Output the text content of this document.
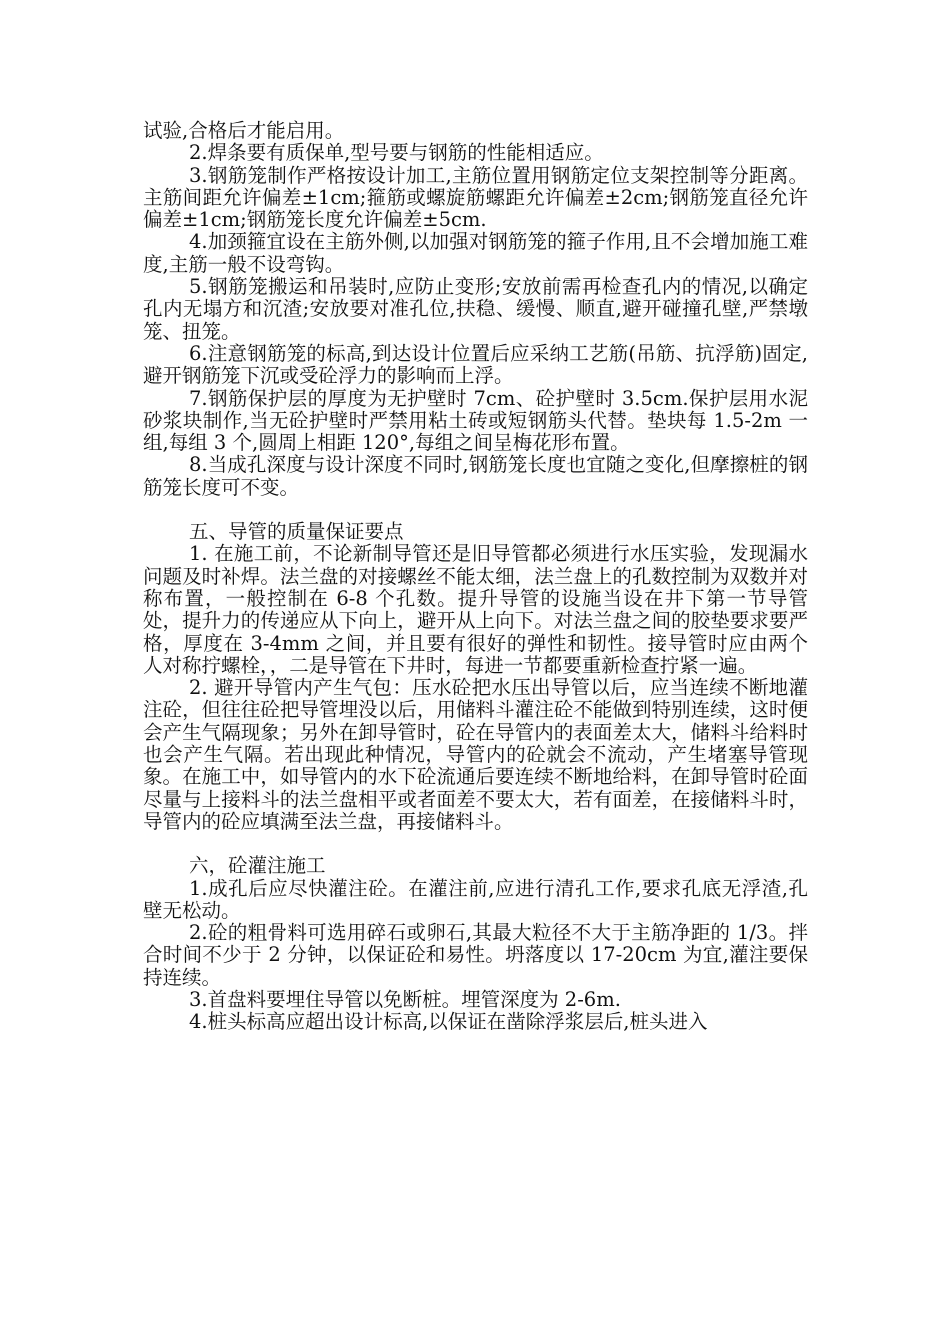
试验,合格后才能启用。

2.焊条要有质保单,型号要与钢筋的性能相适应。

3.钢筋笼制作严格按设计加工,主筋位置用钢筋定位支架控制等分距离。主筋间距允许偏差±1cm;箍筋或螺旋筋螺距允许偏差±2cm;钢筋笼直径允许偏差±1cm;钢筋笼长度允许偏差±5cm.

4.加颈箍宜设在主筋外侧,以加强对钢筋笼的箍子作用,且不会增加施工难度,主筋一般不设弯钩。

5.钢筋笼搬运和吊装时,应防止变形;安放前需再检查孔内的情况,以确定孔内无塌方和沉渣;安放要对准孔位,扶稳、缓慢、顺直,避开碰撞孔壁,严禁墩笼、扭笼。

6.注意钢筋笼的标高,到达设计位置后应采纳工艺筋(吊筋、抗浮筋)固定,避开钢筋笼下沉或受砼浮力的影响而上浮。

7.钢筋保护层的厚度为无护壁时 7cm、砼护壁时 3.5cm.保护层用水泥砂浆块制作,当无砼护壁时严禁用粘土砖或短钢筋头代替。垫块每 1.5-2m 一组,每组 3 个,圆周上相距 120°,每组之间呈梅花形布置。

8.当成孔深度与设计深度不同时,钢筋笼长度也宜随之变化,但摩擦桩的钢筋笼长度可不变。

五、导管的质量保证要点

1. 在施工前，不论新制导管还是旧导管都必须进行水压实验，发现漏水问题及时补焊。法兰盘的对接螺丝不能太细，法兰盘上的孔数控制为双数并对称布置，一般控制在 6-8 个孔数。提升导管的设施当设在井下第一节导管处，提升力的传递应从下向上，避开从上向下。对法兰盘之间的胶垫要求要严格，厚度在 3-4mm 之间，并且要有很好的弹性和韧性。接导管时应由两个人对称拧螺栓，，二是导管在下井时，每进一节都要重新检查拧紧一遍。

2. 避开导管内产生气包：压水砼把水压出导管以后，应当连续不断地灌注砼，但往往砼把导管埋没以后，用储料斗灌注砼不能做到特别连续，这时便会产生气隔现象；另外在卸导管时，砼在导管内的表面差太大，储料斗给料时也会产生气隔。若出现此种情况，导管内的砼就会不流动，产生堵塞导管现象。在施工中，如导管内的水下砼流通后要连续不断地给料，在卸导管时砼面尽量与上接料斗的法兰盘相平或者面差不要太大，若有面差，在接储料斗时，导管内的砼应填满至法兰盘，再接储料斗。

六，砼灌注施工

1.成孔后应尽快灌注砼。在灌注前,应进行清孔工作,要求孔底无浮渣,孔壁无松动。

2.砼的粗骨料可选用碎石或卵石,其最大粒径不大于主筋净距的 1/3。拌合时间不少于 2 分钟，以保证砼和易性。坍落度以 17-20cm 为宜,灌注要保持连续。

3.首盘料要埋住导管以免断桩。埋管深度为 2-6m.

4.桩头标高应超出设计标高,以保证在凿除浮浆层后,桩头进入
